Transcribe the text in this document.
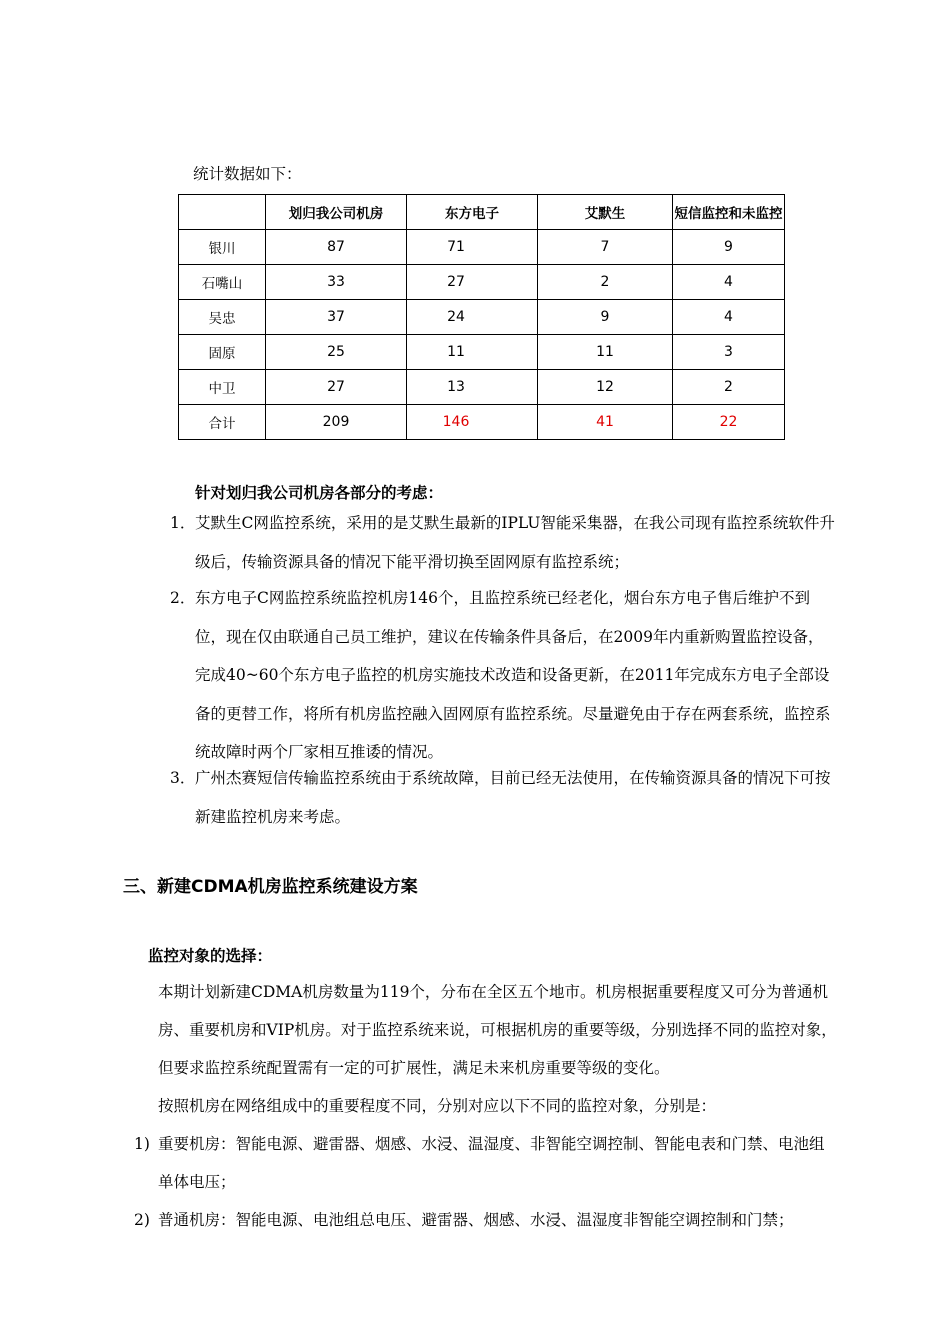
统计数据如下：
	划归我公司机房	东方电子	艾默生	短信监控和未监控
银川	87	71	7	9
石嘴山	33	27	2	4
吴忠	37	24	9	4
固原	25	11	11	3
中卫	27	13	12	2
合计	209	146	41	22
针对划归我公司机房各部分的考虑：
1． 艾默生C网监控系统，采用的是艾默生最新的IPLU智能采集器，在我公司现有监控系统软件升级后，传输资源具备的情况下能平滑切换至固网原有监控系统；
2． 东方电子C网监控系统监控机房146个，且监控系统已经老化，烟台东方电子售后维护不到位，现在仅由联通自己员工维护，建议在传输条件具备后，在2009年内重新购置监控设备，完成40~60个东方电子监控的机房实施技术改造和设备更新，在2011年完成东方电子全部设备的更替工作，将所有机房监控融入固网原有监控系统。尽量避免由于存在两套系统，监控系统故障时两个厂家相互推诿的情况。
3． 广州杰赛短信传输监控系统由于系统故障，目前已经无法使用，在传输资源具备的情况下可按新建监控机房来考虑。
三、新建CDMA机房监控系统建设方案
监控对象的选择：
本期计划新建CDMA机房数量为119个，分布在全区五个地市。机房根据重要程度又可分为普通机房、重要机房和VIP机房。对于监控系统来说，可根据机房的重要等级，分别选择不同的监控对象，但要求监控系统配置需有一定的可扩展性，满足未来机房重要等级的变化。
按照机房在网络组成中的重要程度不同，分别对应以下不同的监控对象，分别是：
1) 重要机房：智能电源、避雷器、烟感、水浸、温湿度、非智能空调控制、智能电表和门禁、电池组单体电压；
2) 普通机房：智能电源、电池组总电压、避雷器、烟感、水浸、温湿度非智能空调控制和门禁；
